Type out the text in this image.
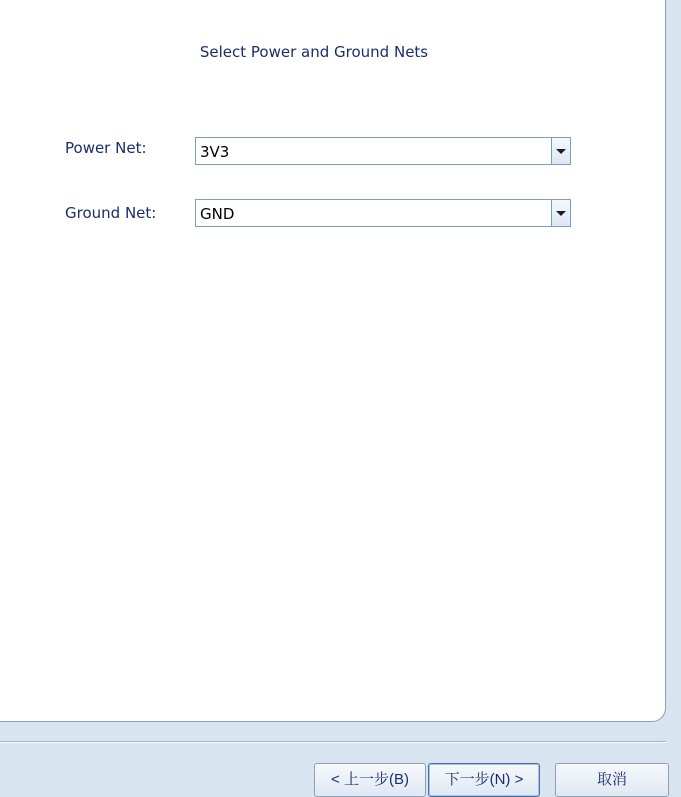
Select Power and Ground Nets
Power Net:	3V3
Ground Net:	GND
< 上一步(B)	下一步(N) >	取消
